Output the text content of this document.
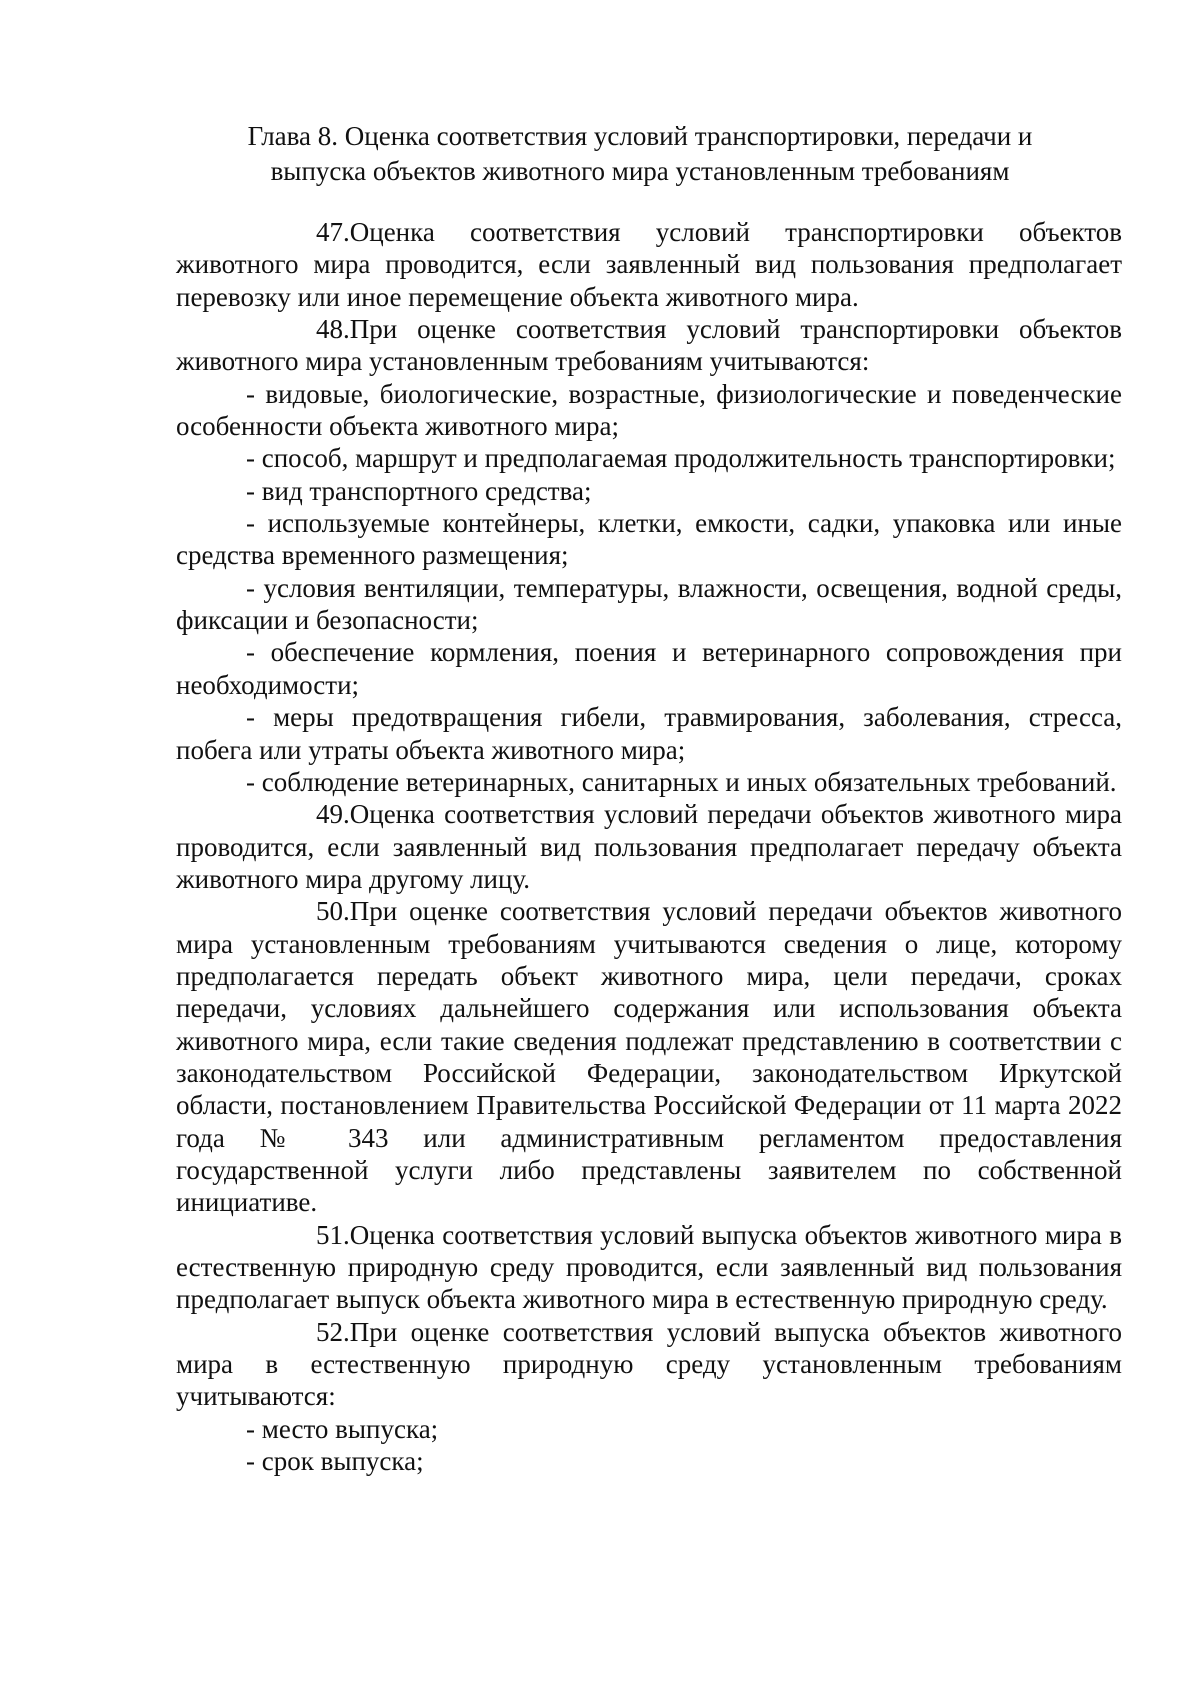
Глава 8. Оценка соответствия условий транспортировки, передачи и
выпуска объектов животного мира установленным требованиям

47.Оценка соответствия условий транспортировки объектов животного мира проводится, если заявленный вид пользования предполагает перевозку или иное перемещение объекта животного мира.

48.При оценке соответствия условий транспортировки объектов животного мира установленным требованиям учитываются:

- видовые, биологические, возрастные, физиологические и поведенческие особенности объекта животного мира;

- способ, маршрут и предполагаемая продолжительность транспортировки;

- вид транспортного средства;

- используемые контейнеры, клетки, емкости, садки, упаковка или иные средства временного размещения;

- условия вентиляции, температуры, влажности, освещения, водной среды, фиксации и безопасности;

- обеспечение кормления, поения и ветеринарного сопровождения при необходимости;

- меры предотвращения гибели, травмирования, заболевания, стресса, побега или утраты объекта животного мира;

- соблюдение ветеринарных, санитарных и иных обязательных требований.

49.Оценка соответствия условий передачи объектов животного мира проводится, если заявленный вид пользования предполагает передачу объекта животного мира другому лицу.

50.При оценке соответствия условий передачи объектов животного мира установленным требованиям учитываются сведения о лице, которому предполагается передать объект животного мира, цели передачи, сроках передачи, условиях дальнейшего содержания или использования объекта животного мира, если такие сведения подлежат представлению в соответствии с законодательством Российской Федерации, законодательством Иркутской области, постановлением Правительства Российской Федерации от 11 марта 2022 года № 343 или административным регламентом предоставления государственной услуги либо представлены заявителем по собственной инициативе.

51.Оценка соответствия условий выпуска объектов животного мира в естественную природную среду проводится, если заявленный вид пользования предполагает выпуск объекта животного мира в естественную природную среду.

52.При оценке соответствия условий выпуска объектов животного мира в естественную природную среду установленным требованиям учитываются:

- место выпуска;

- срок выпуска;
